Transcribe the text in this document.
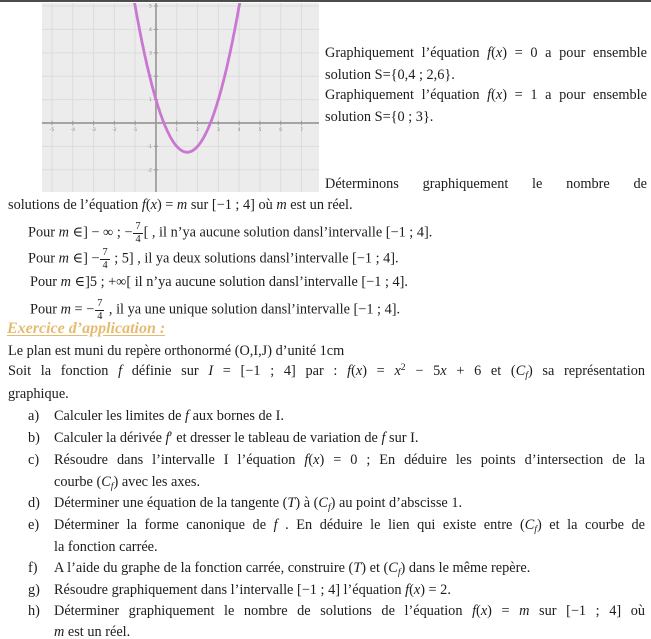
-5	-4	-3	-2	-1	1	2	3	4	5	6	7
-2
-1
1
2
3
4
5
Graphiquement l’équation f(x) = 0 a pour ensemble
solution S={0,4 ; 2,6}.
Graphiquement l’équation f(x) = 1 a pour ensemble
solution S={0 ; 3}.
Déterminons graphiquement le nombre de
solutions de l’équation f(x) = m sur [−1 ; 4] où m est un réel.
Pour m ∈] − ∞ ; − $\frac{7}{4}$ [ , il n’ya aucune solution dansl’intervalle [−1 ; 4].
Pour m ∈] − $\frac{7}{4}$ ; 5] , il ya deux solutions dansl’intervalle [−1 ; 4].
Pour m ∈]5 ; +∞[ il n’ya aucune solution dansl’intervalle [−1 ; 4].
Pour m = − $\frac{7}{4}$ , il ya une unique solution dansl’intervalle [−1 ; 4].
Exercice d’application :
Le plan est muni du repère orthonormé (O,I,J) d’unité 1cm
Soit la fonction f définie sur I = [−1 ; 4] par : $f(x) = x^2 - 5x + 6$ et $(C_f)$ sa représentation
graphique.
a) Calculer les limites de f aux bornes de I.
b) Calculer la dérivée f′ et dresser le tableau de variation de f sur I.
c) Résoudre dans l’intervalle I l’équation f(x) = 0 ; En déduire les points d’intersection de la
courbe $(C_f)$ avec les axes.
d) Déterminer une équation de la tangente (T) à $(C_f)$ au point d’abscisse 1.
e) Déterminer la forme canonique de f . En déduire le lien qui existe entre $(C_f)$ et la courbe de
la fonction carrée.
f) A l’aide du graphe de la fonction carrée, construire (T) et $(C_f)$ dans le même repère.
g) Résoudre graphiquement dans l’intervalle [−1 ; 4] l’équation f(x) = 2.
h) Déterminer graphiquement le nombre de solutions de l’équation f(x) = m sur [−1 ; 4] où
m est un réel.
